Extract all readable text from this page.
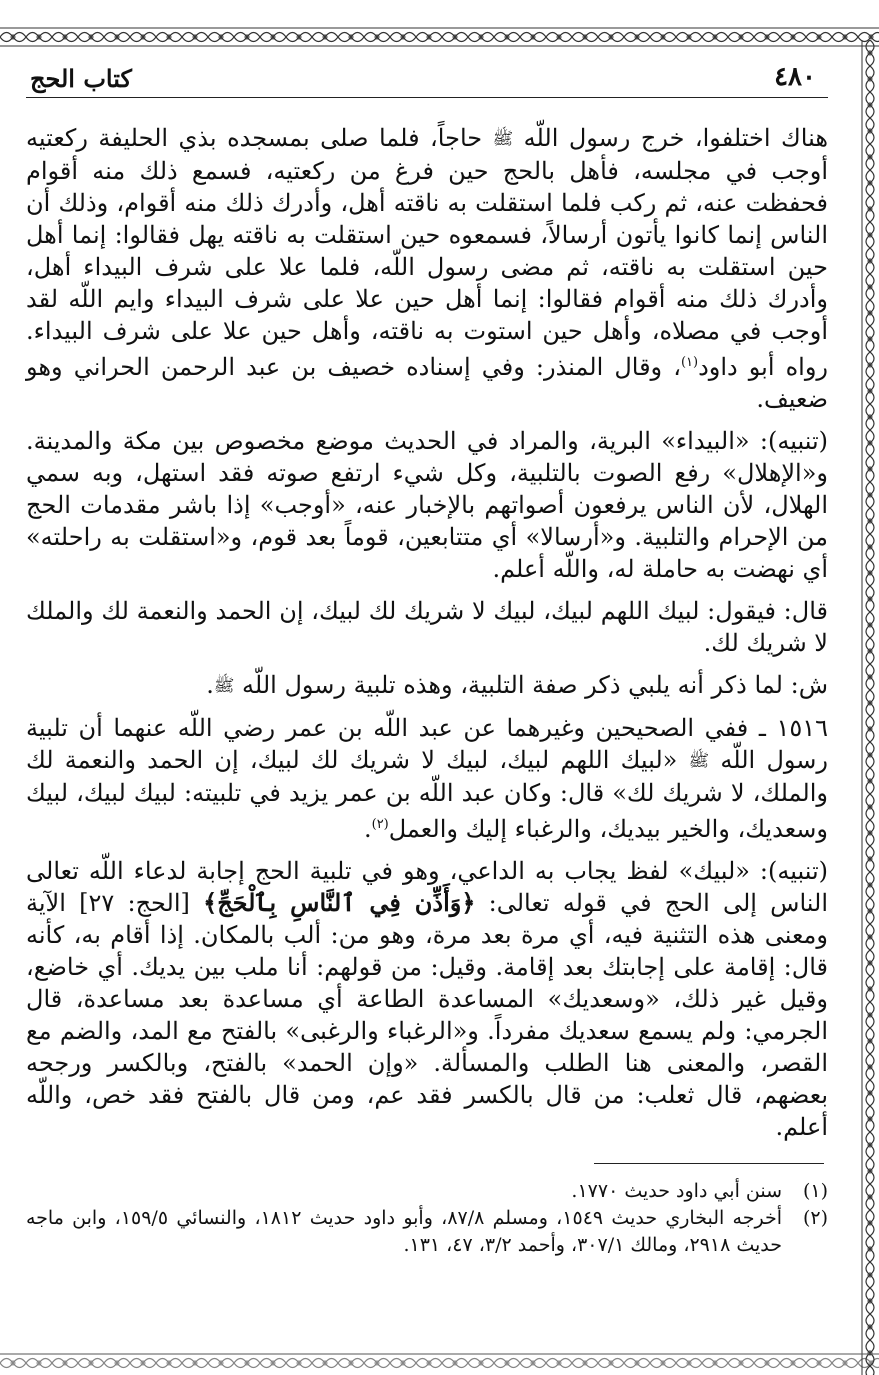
٤٨٠
كتاب الحج

هناك اختلفوا، خرج رسول اللّه ﷺ حاجاً، فلما صلى بمسجده بذي الحليفة ركعتيه أوجب في مجلسه، فأهل بالحج حين فرغ من ركعتيه، فسمع ذلك منه أقوام فحفظت عنه، ثم ركب فلما استقلت به ناقته أهل، وأدرك ذلك منه أقوام، وذلك أن الناس إنما كانوا يأتون أرسالاً، فسمعوه حين استقلت به ناقته يهل فقالوا: إنما أهل حين استقلت به ناقته، ثم مضى رسول اللّه، فلما علا على شرف البيداء أهل، وأدرك ذلك منه أقوام فقالوا: إنما أهل حين علا على شرف البيداء وايم اللّه لقد أوجب في مصلاه، وأهل حين استوت به ناقته، وأهل حين علا على شرف البيداء. رواه أبو داود$^{(١)}$، وقال المنذر: وفي إسناده خصيف بن عبد الرحمن الحراني وهو ضعيف.

(تنبيه): «البيداء» البرية، والمراد في الحديث موضع مخصوص بين مكة والمدينة. و«الإهلال» رفع الصوت بالتلبية، وكل شيء ارتفع صوته فقد استهل، وبه سمي الهلال، لأن الناس يرفعون أصواتهم بالإخبار عنه، «أوجب» إذا باشر مقدمات الحج من الإحرام والتلبية. و«أرسالا» أي متتابعين، قوماً بعد قوم، و«استقلت به راحلته» أي نهضت به حاملة له، واللّه أعلم.

قال: فيقول: لبيك اللهم لبيك، لبيك لا شريك لك لبيك، إن الحمد والنعمة لك والملك لا شريك لك.

ش: لما ذكر أنه يلبي ذكر صفة التلبية، وهذه تلبية رسول اللّه ﷺ.

١٥١٦ ـ ففي الصحيحين وغيرهما عن عبد اللّه بن عمر رضي اللّه عنهما أن تلبية رسول اللّه ﷺ «لبيك اللهم لبيك، لبيك لا شريك لك لبيك، إن الحمد والنعمة لك والملك، لا شريك لك» قال: وكان عبد اللّه بن عمر يزيد في تلبيته: لبيك لبيك، لبيك وسعديك، والخير بيديك، والرغباء إليك والعمل$^{(٢)}$.

(تنبيه): «لبيك» لفظ يجاب به الداعي، وهو في تلبية الحج إجابة لدعاء اللّه تعالى الناس إلى الحج في قوله تعالى: ﴿وَأَذِّن فِي ٱلنَّاسِ بِٱلْحَجِّ﴾ [الحج: ٢٧] الآية ومعنى هذه التثنية فيه، أي مرة بعد مرة، وهو من: ألب بالمكان. إذا أقام به، كأنه قال: إقامة على إجابتك بعد إقامة. وقيل: من قولهم: أنا ملب بين يديك. أي خاضع، وقيل غير ذلك، «وسعديك» المساعدة الطاعة أي مساعدة بعد مساعدة، قال الجرمي: ولم يسمع سعديك مفرداً. و«الرغباء والرغبى» بالفتح مع المد، والضم مع القصر، والمعنى هنا الطلب والمسألة. «وإن الحمد» بالفتح، وبالكسر ورجحه بعضهم، قال ثعلب: من قال بالكسر فقد عم، ومن قال بالفتح فقد خص، واللّه أعلم.

(١)
سنن أبي داود حديث ١٧٧٠.

(٢)
أخرجه البخاري حديث ١٥٤٩، ومسلم ٨٧/٨، وأبو داود حديث ١٨١٢، والنسائي ١٥٩/٥، وابن ماجه حديث ٢٩١٨، ومالك ٣٠٧/١، وأحمد ٣/٢، ٤٧، ١٣١.
